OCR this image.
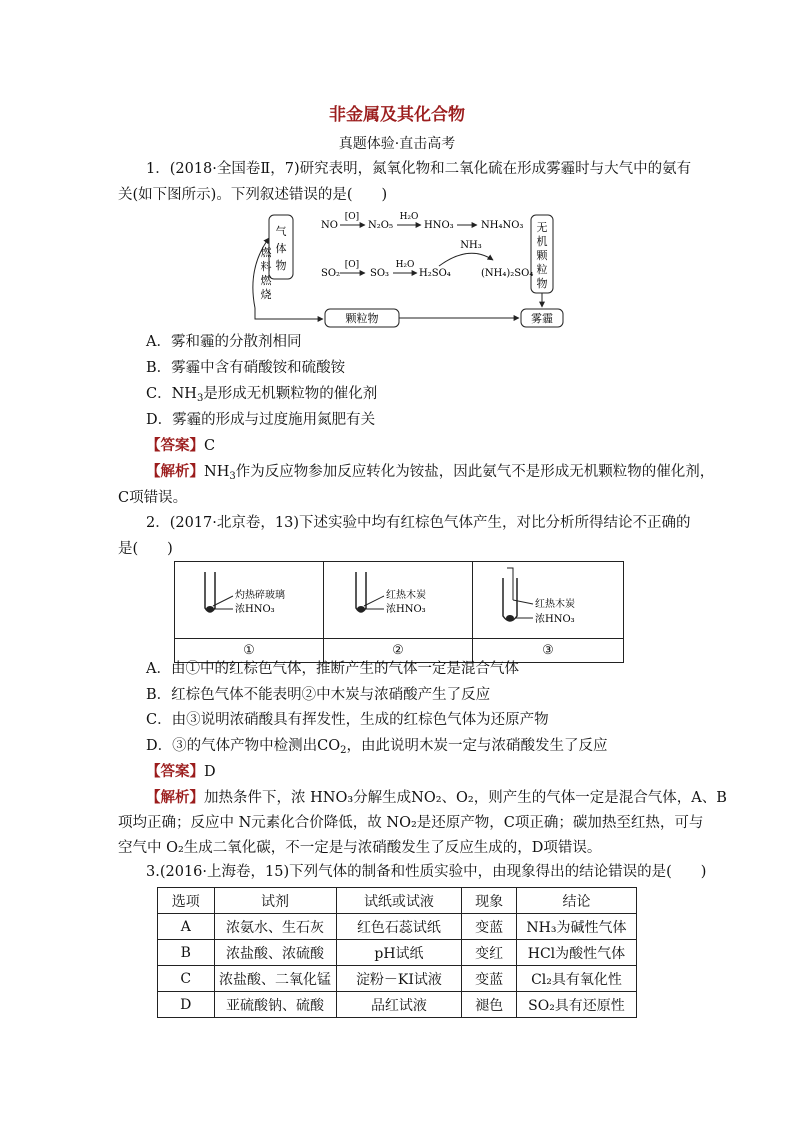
非金属及其化合物
真题体验·直击高考
1．(2018·全国卷Ⅱ，7)研究表明，氮氧化物和二氧化硫在形成雾霾时与大气中的氨有
关(如下图所示)。下列叙述错误的是(　　)
气
体
物
无
机
颗
粒
物
燃
料
燃
烧
颗粒物	雾霾
NO
[O]
N₂O₅
H₂O
HNO₃	NH₄NO₃
NH₃
SO₂
[O]
SO₃
H₂O
H₂SO₄	(NH₄)₂SO₄
A．雾和霾的分散剂相同
B．雾霾中含有硝酸铵和硫酸铵
C．$NH_3$是形成无机颗粒物的催化剂
D．雾霾的形成与过度施用氮肥有关
【答案】C
【解析】$NH_3$作为反应物参加反应转化为铵盐，因此氨气不是形成无机颗粒物的催化剂，
C项错误。
2．(2017·北京卷，13)下述实验中均有红棕色气体产生，对比分析所得结论不正确的
是(　　)
灼热碎玻璃
浓HNO₃	红热木炭
浓HNO₃	红热木炭
浓HNO₃

①	②	③
A．由①中的红棕色气体，推断产生的气体一定是混合气体
B．红棕色气体不能表明②中木炭与浓硝酸产生了反应
C．由③说明浓硝酸具有挥发性，生成的红棕色气体为还原产物
D．③的气体产物中检测出$CO_2$，由此说明木炭一定与浓硝酸发生了反应
【答案】D
【解析】加热条件下，浓 HNO₃分解生成NO₂、O₂，则产生的气体一定是混合气体，A、B
项均正确；反应中 N元素化合价降低，故 NO₂是还原产物，C项正确；碳加热至红热，可与
空气中 O₂生成二氧化碳，不一定是与浓硝酸发生了反应生成的，D项错误。
3.(2016·上海卷，15)下列气体的制备和性质实验中，由现象得出的结论错误的是(　　)
选项	试剂	试纸或试液	现象	结论
A	浓氨水、生石灰	红色石蕊试纸	变蓝	NH₃为碱性气体
B	浓盐酸、浓硫酸	pH试纸	变红	HCl为酸性气体
C	浓盐酸、二氧化锰	淀粉－KI试液	变蓝	Cl₂具有氧化性
D	亚硫酸钠、硫酸	品红试液	褪色	SO₂具有还原性
